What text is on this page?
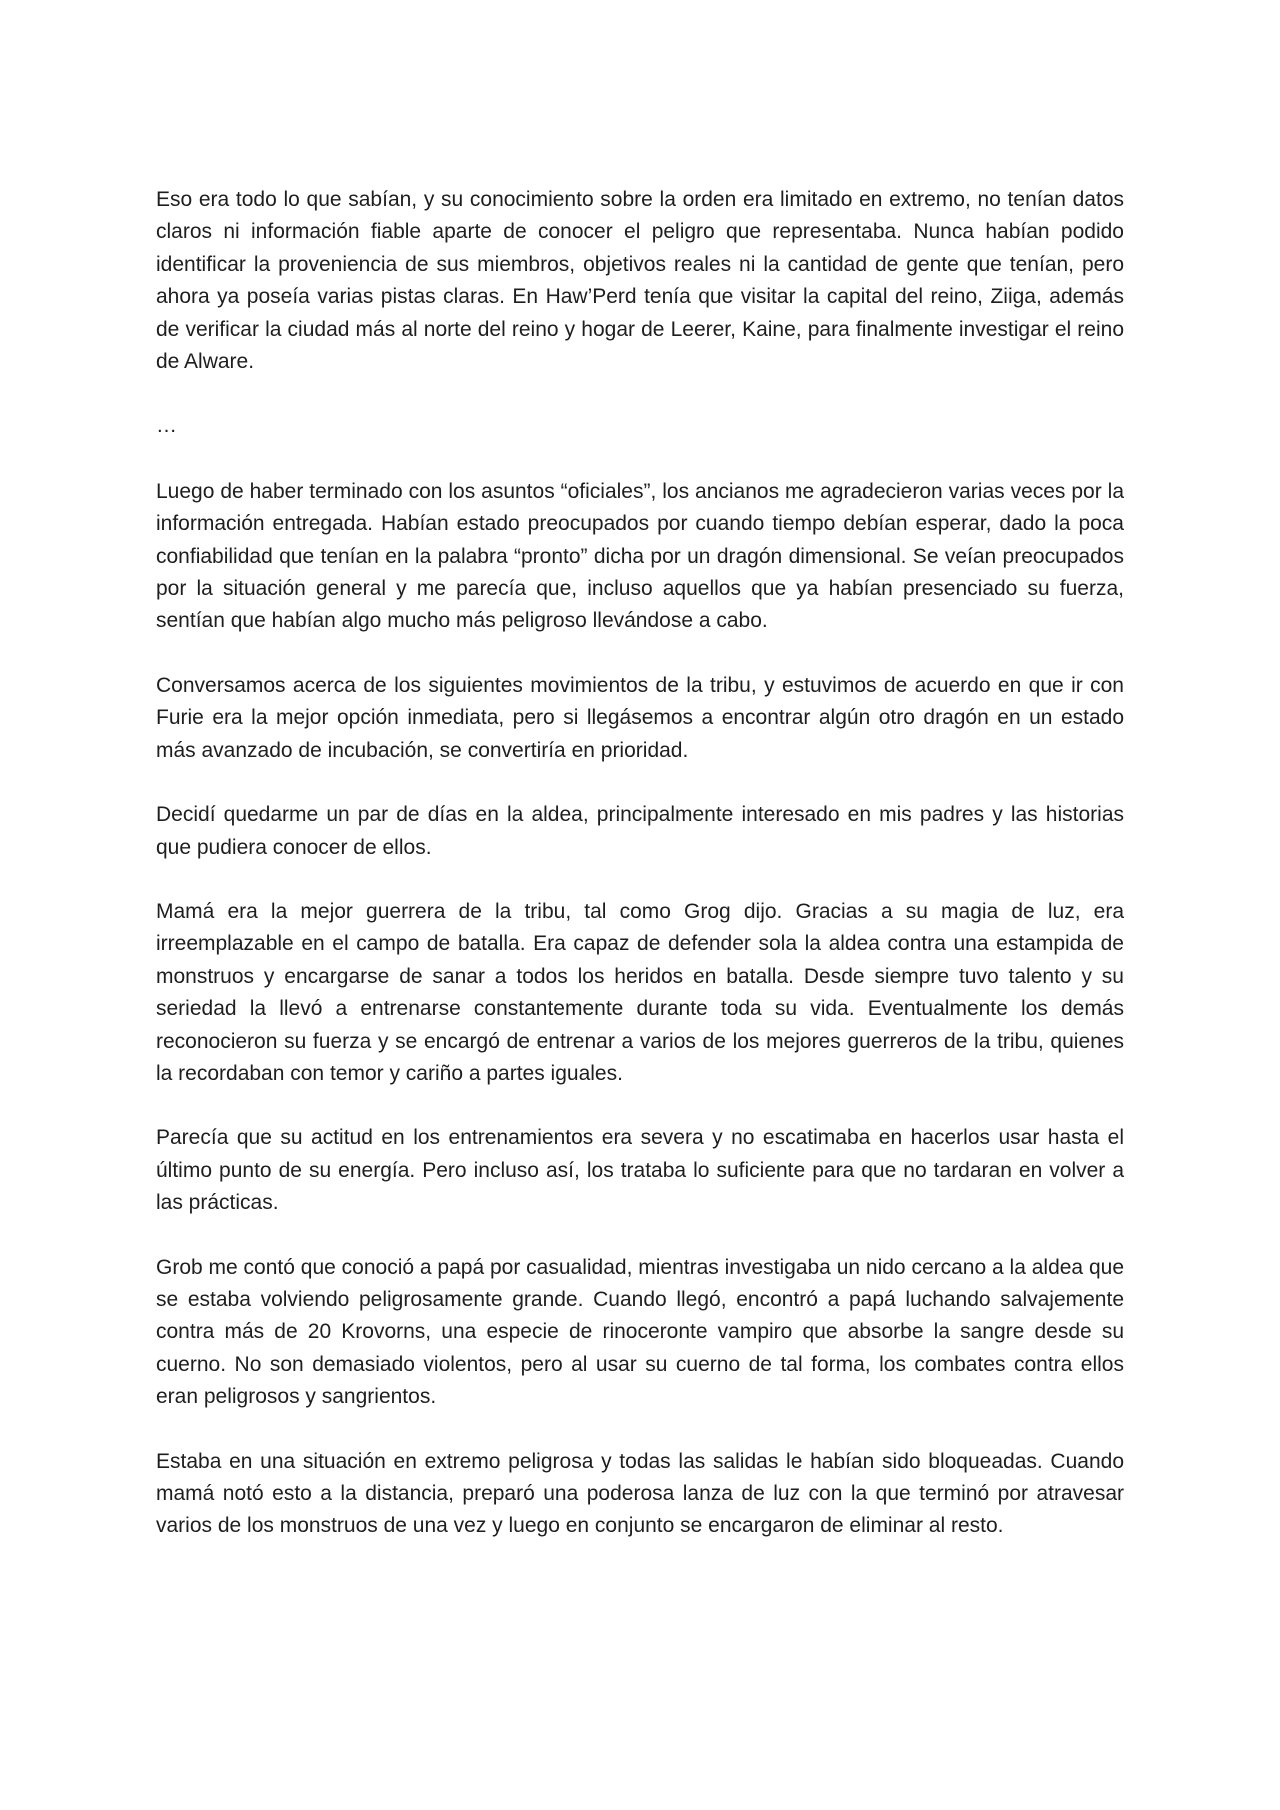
Eso era todo lo que sabían, y su conocimiento sobre la orden era limitado en extremo, no tenían datos claros ni información fiable aparte de conocer el peligro que representaba. Nunca habían podido identificar la proveniencia de sus miembros, objetivos reales ni la cantidad de gente que tenían, pero ahora ya poseía varias pistas claras. En Haw’Perd tenía que visitar la capital del reino, Ziiga, además de verificar la ciudad más al norte del reino y hogar de Leerer, Kaine, para finalmente investigar el reino de Alware.

…

Luego de haber terminado con los asuntos “oficiales”, los ancianos me agradecieron varias veces por la información entregada. Habían estado preocupados por cuando tiempo debían esperar, dado la poca confiabilidad que tenían en la palabra “pronto” dicha por un dragón dimensional. Se veían preocupados por la situación general y me parecía que, incluso aquellos que ya habían presenciado su fuerza, sentían que habían algo mucho más peligroso llevándose a cabo.

Conversamos acerca de los siguientes movimientos de la tribu, y estuvimos de acuerdo en que ir con Furie era la mejor opción inmediata, pero si llegásemos a encontrar algún otro dragón en un estado más avanzado de incubación, se convertiría en prioridad.

Decidí quedarme un par de días en la aldea, principalmente interesado en mis padres y las historias que pudiera conocer de ellos.

Mamá era la mejor guerrera de la tribu, tal como Grog dijo. Gracias a su magia de luz, era irreemplazable en el campo de batalla. Era capaz de defender sola la aldea contra una estampida de monstruos y encargarse de sanar a todos los heridos en batalla. Desde siempre tuvo talento y su seriedad la llevó a entrenarse constantemente durante toda su vida. Eventualmente los demás reconocieron su fuerza y se encargó de entrenar a varios de los mejores guerreros de la tribu, quienes la recordaban con temor y cariño a partes iguales.

Parecía que su actitud en los entrenamientos era severa y no escatimaba en hacerlos usar hasta el último punto de su energía. Pero incluso así, los trataba lo suficiente para que no tardaran en volver a las prácticas.

Grob me contó que conoció a papá por casualidad, mientras investigaba un nido cercano a la aldea que se estaba volviendo peligrosamente grande. Cuando llegó, encontró a papá luchando salvajemente contra más de 20 Krovorns, una especie de rinoceronte vampiro que absorbe la sangre desde su cuerno. No son demasiado violentos, pero al usar su cuerno de tal forma, los combates contra ellos eran peligrosos y sangrientos.

Estaba en una situación en extremo peligrosa y todas las salidas le habían sido bloqueadas. Cuando mamá notó esto a la distancia, preparó una poderosa lanza de luz con la que terminó por atravesar varios de los monstruos de una vez y luego en conjunto se encargaron de eliminar al resto.
